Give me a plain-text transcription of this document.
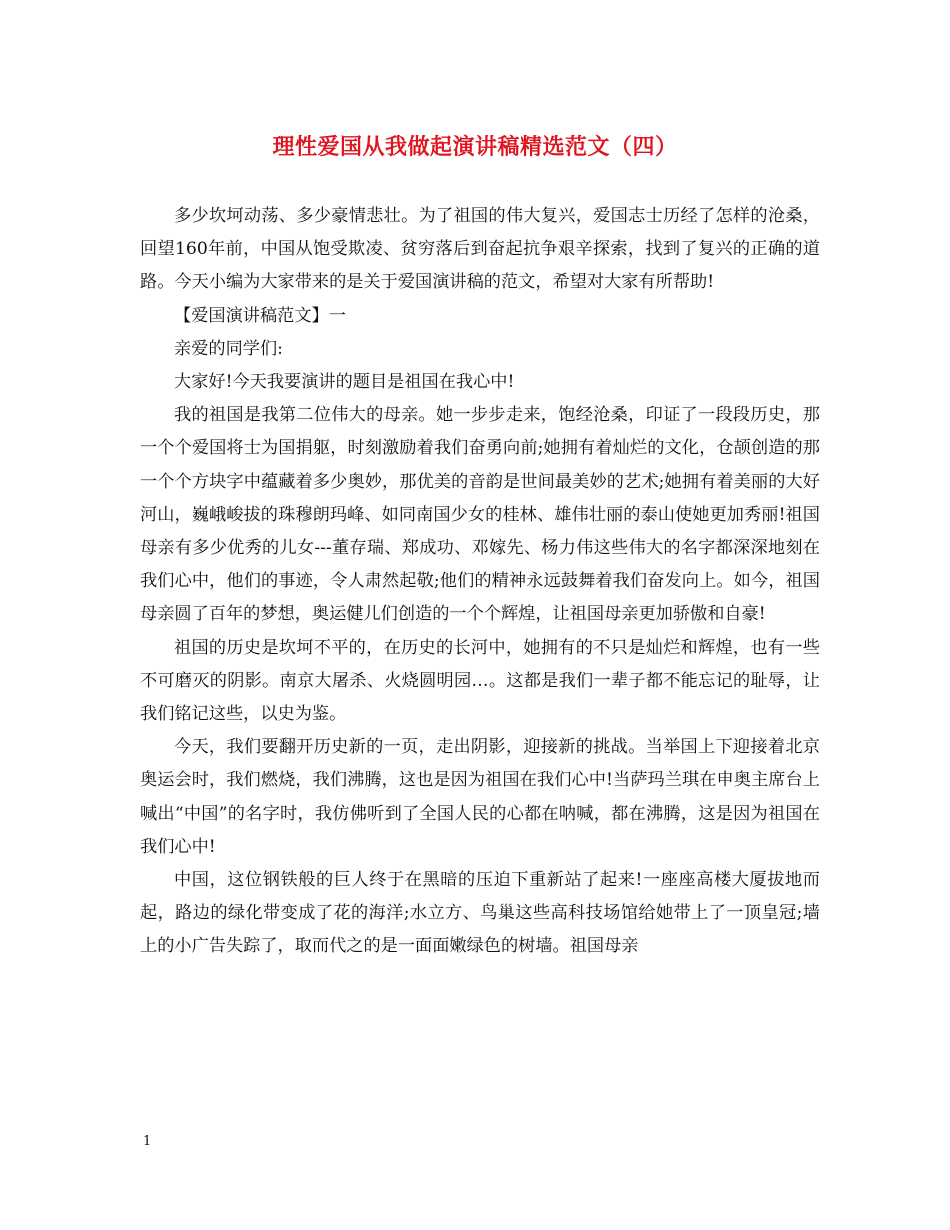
理性爱国从我做起演讲稿精选范文（四）

多少坎坷动荡、多少豪情悲壮。为了祖国的伟大复兴，爱国志士历经了怎样的沧桑，回望160年前，中国从饱受欺凌、贫穷落后到奋起抗争艰辛探索，找到了复兴的正确的道路。今天小编为大家带来的是关于爱国演讲稿的范文，希望对大家有所帮助!

【爱国演讲稿范文】一

亲爱的同学们:

大家好!今天我要演讲的题目是祖国在我心中!

我的祖国是我第二位伟大的母亲。她一步步走来，饱经沧桑，印证了一段段历史，那一个个爱国将士为国捐躯，时刻激励着我们奋勇向前;她拥有着灿烂的文化，仓颉创造的那一个个方块字中蕴藏着多少奥妙，那优美的音韵是世间最美妙的艺术;她拥有着美丽的大好河山，巍峨峻拔的珠穆朗玛峰、如同南国少女的桂林、雄伟壮丽的泰山使她更加秀丽!祖国母亲有多少优秀的儿女---董存瑞、郑成功、邓嫁先、杨力伟这些伟大的名字都深深地刻在我们心中，他们的事迹，令人肃然起敬;他们的精神永远鼓舞着我们奋发向上。如今，祖国母亲圆了百年的梦想，奥运健儿们创造的一个个辉煌，让祖国母亲更加骄傲和自豪!

祖国的历史是坎坷不平的，在历史的长河中，她拥有的不只是灿烂和辉煌，也有一些不可磨灭的阴影。南京大屠杀、火烧圆明园…。这都是我们一辈子都不能忘记的耻辱，让我们铭记这些，以史为鉴。

今天，我们要翻开历史新的一页，走出阴影，迎接新的挑战。当举国上下迎接着北京奥运会时，我们燃烧，我们沸腾，这也是因为祖国在我们心中!当萨玛兰琪在申奥主席台上喊出“中国”的名字时，我仿佛听到了全国人民的心都在呐喊，都在沸腾，这是因为祖国在我们心中!

中国，这位钢铁般的巨人终于在黑暗的压迫下重新站了起来!一座座高楼大厦拔地而起，路边的绿化带变成了花的海洋;水立方、鸟巢这些高科技场馆给她带上了一顶皇冠;墙上的小广告失踪了，取而代之的是一面面嫩绿色的树墙。祖国母亲

1
